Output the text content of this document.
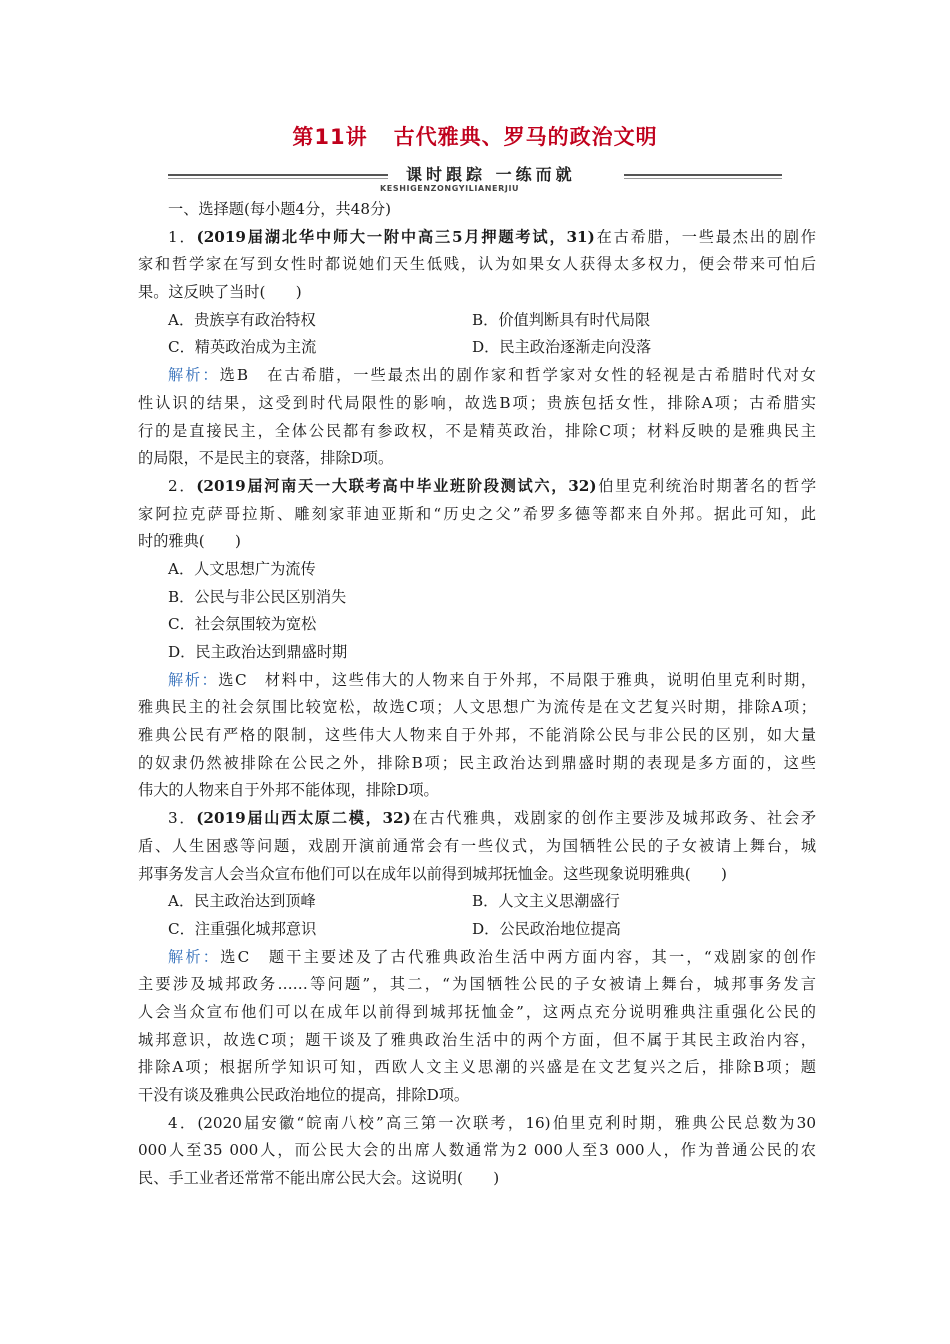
第11讲 古代雅典、罗马的政治文明
课时跟踪 一练而就
KESHIGENZONGYILIANERJIU
一、选择题(每小题4分，共48分)
1．(2019届湖北华中师大一附中高三5月押题考试，31)在古希腊，一些最杰出的剧作
家和哲学家在写到女性时都说她们天生低贱，认为如果女人获得太多权力，便会带来可怕后
果。这反映了当时(　　)
A．贵族享有政治特权	B．价值判断具有时代局限
C．精英政治成为主流	D．民主政治逐渐走向没落
解析：选B　在古希腊，一些最杰出的剧作家和哲学家对女性的轻视是古希腊时代对女
性认识的结果，这受到时代局限性的影响，故选B项；贵族包括女性，排除A项；古希腊实
行的是直接民主，全体公民都有参政权，不是精英政治，排除C项；材料反映的是雅典民主
的局限，不是民主的衰落，排除D项。
2．(2019届河南天一大联考高中毕业班阶段测试六，32)伯里克利统治时期著名的哲学
家阿拉克萨哥拉斯、雕刻家菲迪亚斯和“历史之父”希罗多德等都来自外邦。据此可知，此
时的雅典(　　)
A．人文思想广为流传
B．公民与非公民区别消失
C．社会氛围较为宽松
D．民主政治达到鼎盛时期
解析：选C　材料中，这些伟大的人物来自于外邦，不局限于雅典，说明伯里克利时期，
雅典民主的社会氛围比较宽松，故选C项；人文思想广为流传是在文艺复兴时期，排除A项；
雅典公民有严格的限制，这些伟大人物来自于外邦，不能消除公民与非公民的区别，如大量
的奴隶仍然被排除在公民之外，排除B项；民主政治达到鼎盛时期的表现是多方面的，这些
伟大的人物来自于外邦不能体现，排除D项。
3．(2019届山西太原二模，32)在古代雅典，戏剧家的创作主要涉及城邦政务、社会矛
盾、人生困惑等问题，戏剧开演前通常会有一些仪式，为国牺牲公民的子女被请上舞台，城
邦事务发言人会当众宣布他们可以在成年以前得到城邦抚恤金。这些现象说明雅典(　　)
A．民主政治达到顶峰	B．人文主义思潮盛行
C．注重强化城邦意识	D．公民政治地位提高
解析：选C　题干主要述及了古代雅典政治生活中两方面内容，其一，“戏剧家的创作
主要涉及城邦政务……等问题”，其二，“为国牺牲公民的子女被请上舞台，城邦事务发言
人会当众宣布他们可以在成年以前得到城邦抚恤金”，这两点充分说明雅典注重强化公民的
城邦意识，故选C项；题干谈及了雅典政治生活中的两个方面，但不属于其民主政治内容，
排除A项；根据所学知识可知，西欧人文主义思潮的兴盛是在文艺复兴之后，排除B项；题
干没有谈及雅典公民政治地位的提高，排除D项。
4．(2020届安徽“皖南八校”高三第一次联考，16)伯里克利时期，雅典公民总数为30
000人至35 000人，而公民大会的出席人数通常为2 000人至3 000人，作为普通公民的农
民、手工业者还常常不能出席公民大会。这说明(　　)
